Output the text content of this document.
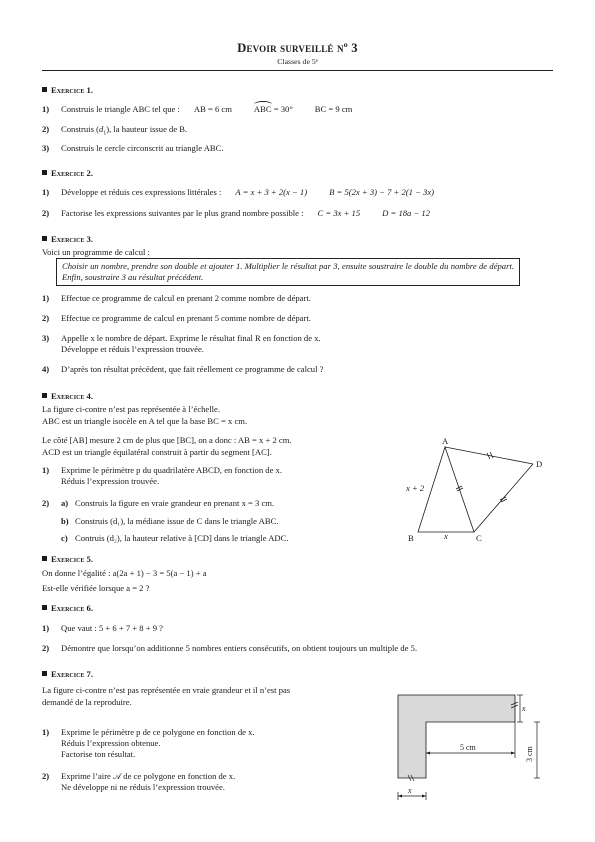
Devoir surveillé nº 3
Classes de 5ᵉ
Exercice 1.
1) Construis le triangle ABC tel que : AB = 6 cm	ABC = 30°	BC = 9 cm
2) Construis $(d_1)$, la hauteur issue de B.
3) Construis le cercle circonscrit au triangle ABC.
Exercice 2.
1) Développe et réduis ces expressions littérales : A = x + 3 + 2(x − 1)	B = 5(2x + 3) − 7 + 2(1 − 3x)
2) Factorise les expressions suivantes par le plus grand nombre possible : C = 3x + 15	D = 18a − 12
Exercice 3.
Voici un programme de calcul :
Choisir un nombre, prendre son double et ajouter 1. Multiplier le résultat par 3, ensuite soustraire le double du nombre de départ. Enfin, soustraire 3 au résultat précédent.
1) Effectue ce programme de calcul en prenant 2 comme nombre de départ.
2) Effectue ce programme de calcul en prenant 5 comme nombre de départ.
3) Appelle x le nombre de départ. Exprime le résultat final R en fonction de x.
Développe et réduis l’expression trouvée.
4) D’après ton résultat précédent, que fait réellement ce programme de calcul ?
Exercice 4.
La figure ci-contre n’est pas représentée à l’échelle.
ABC est un triangle isocèle en A tel que la base BC = x cm.
Le côté [AB] mesure 2 cm de plus que [BC], on a donc : AB = x + 2 cm.
ACD est un triangle équilatéral construit à partir du segment [AC].
1) Exprime le périmètre p du quadrilatère ABCD, en fonction de x.
Réduis l’expression trouvée.
2) a) Construis la figure en vraie grandeur en prenant x = 3 cm.
b) Construis (d₁), la médiane issue de C dans le triangle ABC.
c) Contruis (d₂), la hauteur relative à [CD] dans le triangle ADC.
A
B	C
D
x + 2
x
Exercice 5.
On donne l’égalité : a(2a + 1) − 3 = 5(a − 1) + a
Est-elle vérifiée lorsque a = 2 ?
Exercice 6.
1) Que vaut : 5 + 6 + 7 + 8 + 9 ?
2) Démontre que lorsqu’on additionne 5 nombres entiers consécutifs, on obtient toujours un multiple de 5.
Exercice 7.
La figure ci-contre n’est pas représentée en vraie grandeur et il n’est pas
demandé de la reproduire.
1) Exprime le périmètre p de ce polygone en fonction de x.
Réduis l’expression obtenue.
Factorise ton résultat.
2) Exprime l’aire 𝒜 de ce polygone en fonction de x.
Ne développe ni ne réduis l’expression trouvée.
x
x
5 cm	3 cm
